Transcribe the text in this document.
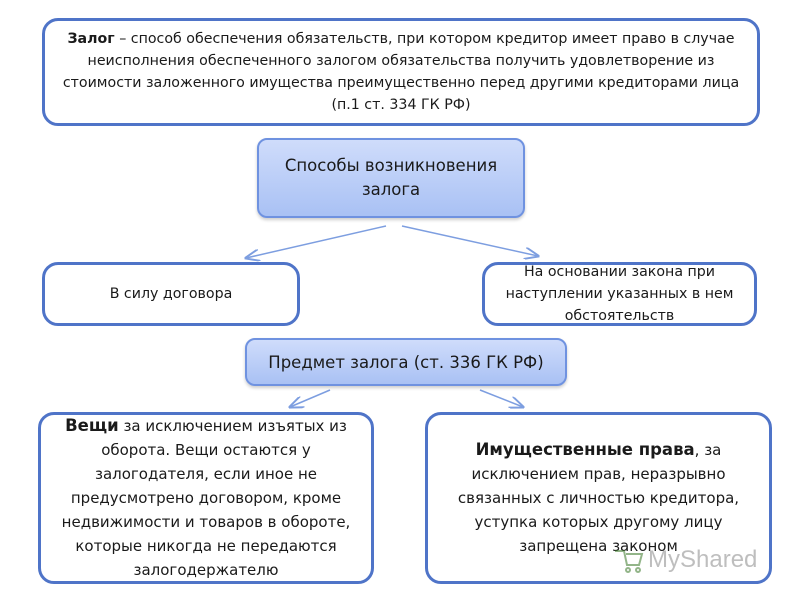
Залог – способ обеспечения обязательств, при котором кредитор имеет право в случае неисполнения обеспеченного залогом обязательства получить удовлетворение из стоимости заложенного имущества преимущественно перед другими кредиторами лица (п.1 ст. 334 ГК РФ)
Способы возникновения залога
В силу договора
На основании закона при наступлении указанных в нем обстоятельств
Предмет залога (ст. 336 ГК РФ)
Вещи за исключением изъятых из оборота. Вещи остаются у залогодателя, если иное не предусмотрено договором, кроме недвижимости и товаров в обороте, которые никогда не передаются залогодержателю
Имущественные права, за исключением прав, неразрывно связанных с личностью кредитора, уступка которых другому лицу запрещена законом
MyShared
